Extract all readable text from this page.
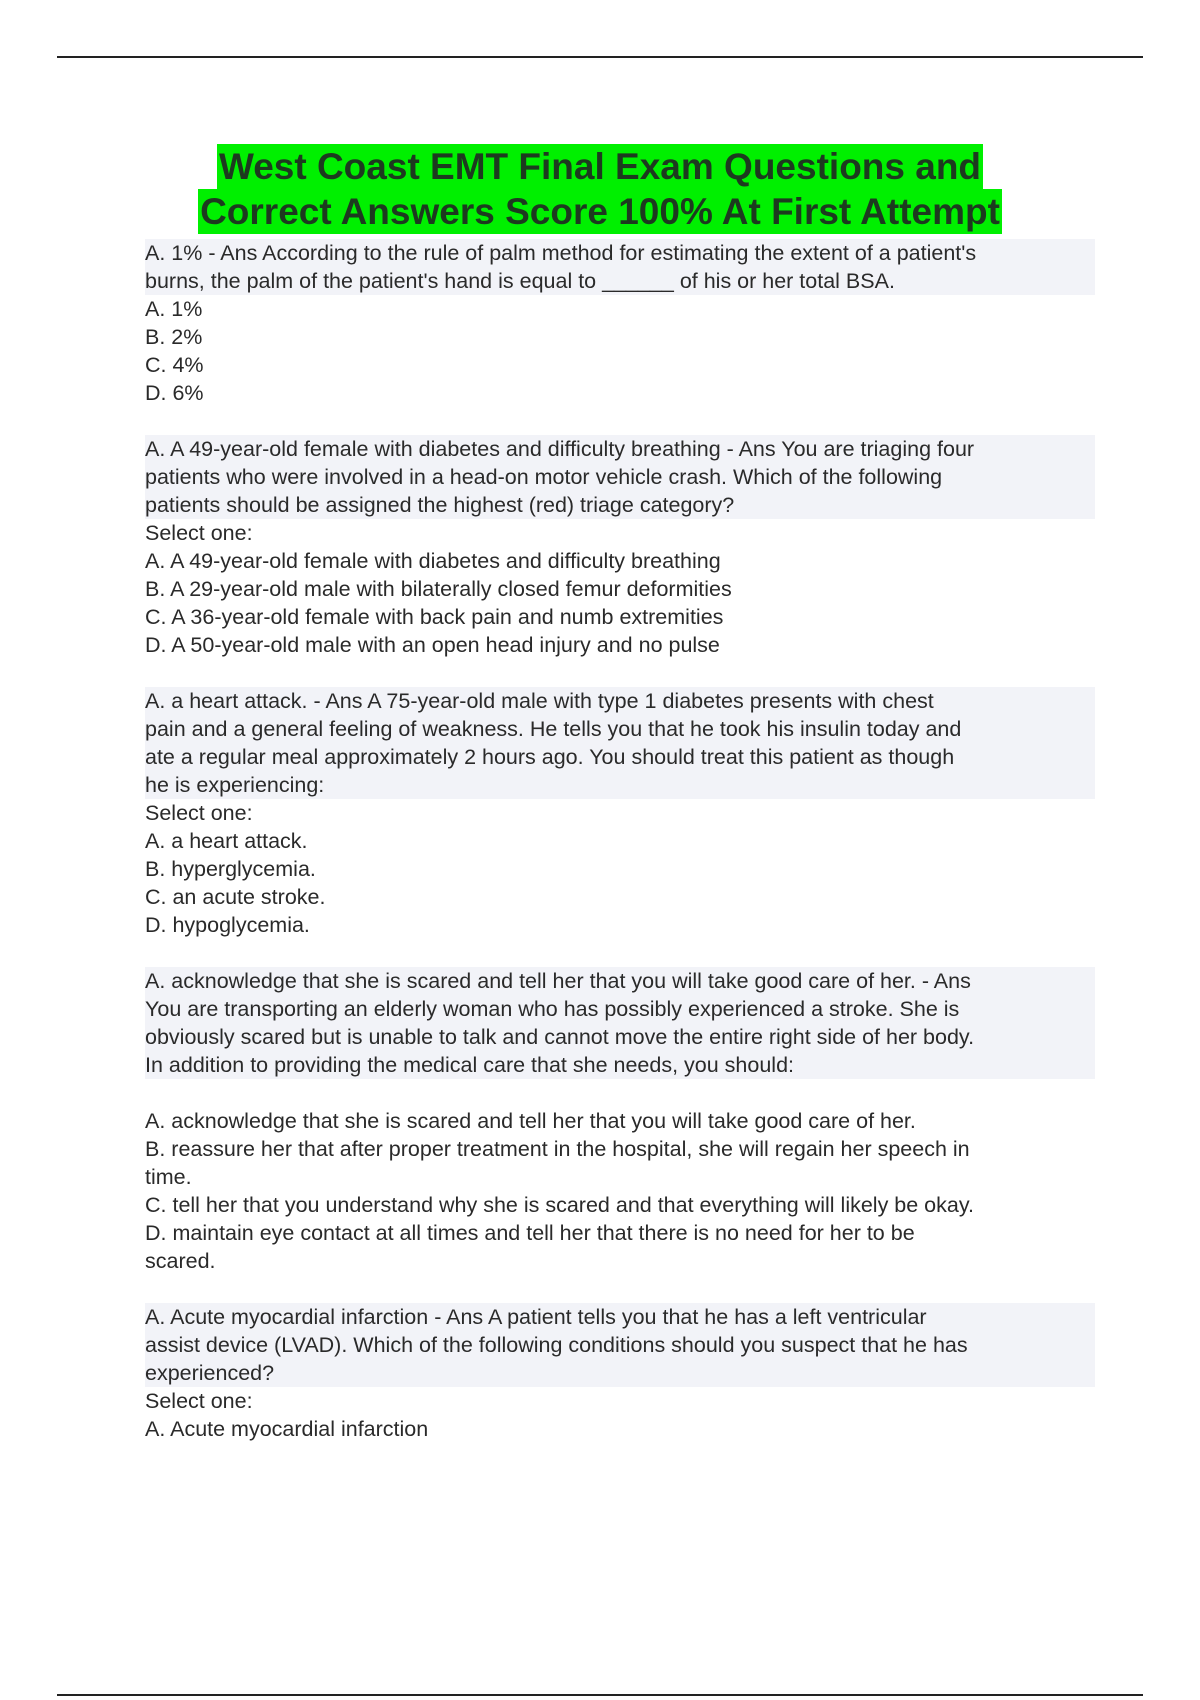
West Coast EMT Final Exam Questions and
Correct Answers Score 100% At First Attempt
A. 1% - Ans According to the rule of palm method for estimating the extent of a patient's
burns, the palm of the patient's hand is equal to ______ of his or her total BSA.
A. 1%
B. 2%
C. 4%
D. 6%
A. A 49-year-old female with diabetes and difficulty breathing - Ans You are triaging four
patients who were involved in a head-on motor vehicle crash. Which of the following
patients should be assigned the highest (red) triage category?
Select one:
A. A 49-year-old female with diabetes and difficulty breathing
B. A 29-year-old male with bilaterally closed femur deformities
C. A 36-year-old female with back pain and numb extremities
D. A 50-year-old male with an open head injury and no pulse
A. a heart attack. - Ans A 75-year-old male with type 1 diabetes presents with chest
pain and a general feeling of weakness. He tells you that he took his insulin today and
ate a regular meal approximately 2 hours ago. You should treat this patient as though
he is experiencing:
Select one:
A. a heart attack.
B. hyperglycemia.
C. an acute stroke.
D. hypoglycemia.
A. acknowledge that she is scared and tell her that you will take good care of her. - Ans
You are transporting an elderly woman who has possibly experienced a stroke. She is
obviously scared but is unable to talk and cannot move the entire right side of her body.
In addition to providing the medical care that she needs, you should:
A. acknowledge that she is scared and tell her that you will take good care of her.
B. reassure her that after proper treatment in the hospital, she will regain her speech in
time.
C. tell her that you understand why she is scared and that everything will likely be okay.
D. maintain eye contact at all times and tell her that there is no need for her to be
scared.
A. Acute myocardial infarction - Ans A patient tells you that he has a left ventricular
assist device (LVAD). Which of the following conditions should you suspect that he has
experienced?
Select one:
A. Acute myocardial infarction
